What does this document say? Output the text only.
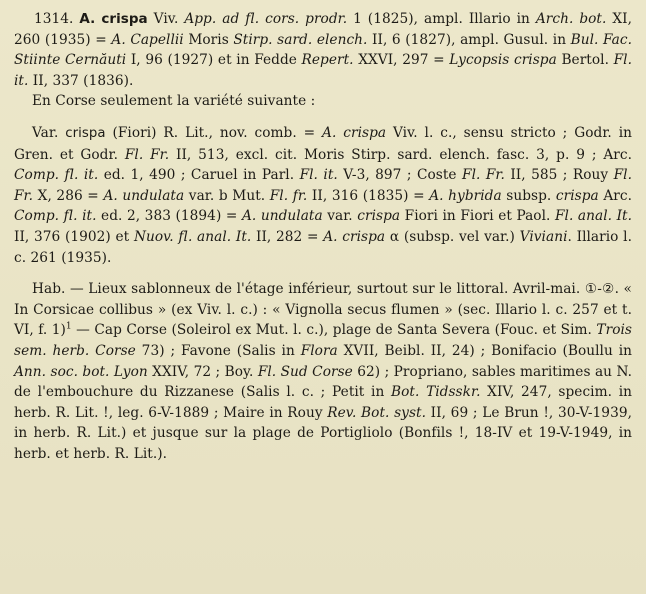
1314. A. crispa Viv. App. ad fl. cors. prodr. 1 (1825), ampl. Illario in Arch. bot. XI, 260 (1935) = A. Capellii Moris Stirp. sard. elench. II, 6 (1827), ampl. Gusul. in Bul. Fac. Stiinte Cernăuti I, 96 (1927) et in Fedde Repert. XXVI, 297 = Lycopsis crispa Bertol. Fl. it. II, 337 (1836).

En Corse seulement la variété suivante :

Var. crispa (Fiori) R. Lit., nov. comb. = A. crispa Viv. l. c., sensu stricto ; Godr. in Gren. et Godr. Fl. Fr. II, 513, excl. cit. Moris Stirp. sard. elench. fasc. 3, p. 9 ; Arc. Comp. fl. it. ed. 1, 490 ; Caruel in Parl. Fl. it. V-3, 897 ; Coste Fl. Fr. II, 585 ; Rouy Fl. Fr. X, 286 = A. undulata var. b Mut. Fl. fr. II, 316 (1835) = A. hybrida subsp. crispa Arc. Comp. fl. it. ed. 2, 383 (1894) = A. undulata var. crispa Fiori in Fiori et Paol. Fl. anal. It. II, 376 (1902) et Nuov. fl. anal. It. II, 282 = A. crispa α (subsp. vel var.) Viviani. Illario l. c. 261 (1935).

Hab. — Lieux sablonneux de l'étage inférieur, surtout sur le littoral. Avril-mai. ①-②. « In Corsicae collibus » (ex Viv. l. c.) : « Vignolla secus flumen » (sec. Illario l. c. 257 et t. VI, f. 1)$^1$ — Cap Corse (Soleirol ex Mut. l. c.), plage de Santa Severa (Fouc. et Sim. Trois sem. herb. Corse 73) ; Favone (Salis in Flora XVII, Beibl. II, 24) ; Bonifacio (Boullu in Ann. soc. bot. Lyon XXIV, 72 ; Boy. Fl. Sud Corse 62) ; Propriano, sables maritimes au N. de l'embouchure du Rizzanese (Salis l. c. ; Petit in Bot. Tidsskr. XIV, 247, specim. in herb. R. Lit. !, leg. 6-V-1889 ; Maire in Rouy Rev. Bot. syst. II, 69 ; Le Brun !, 30-V-1939, in herb. R. Lit.) et jusque sur la plage de Portigliolo (Bonfils !, 18-IV et 19-V-1949, in herb. et herb. R. Lit.).
